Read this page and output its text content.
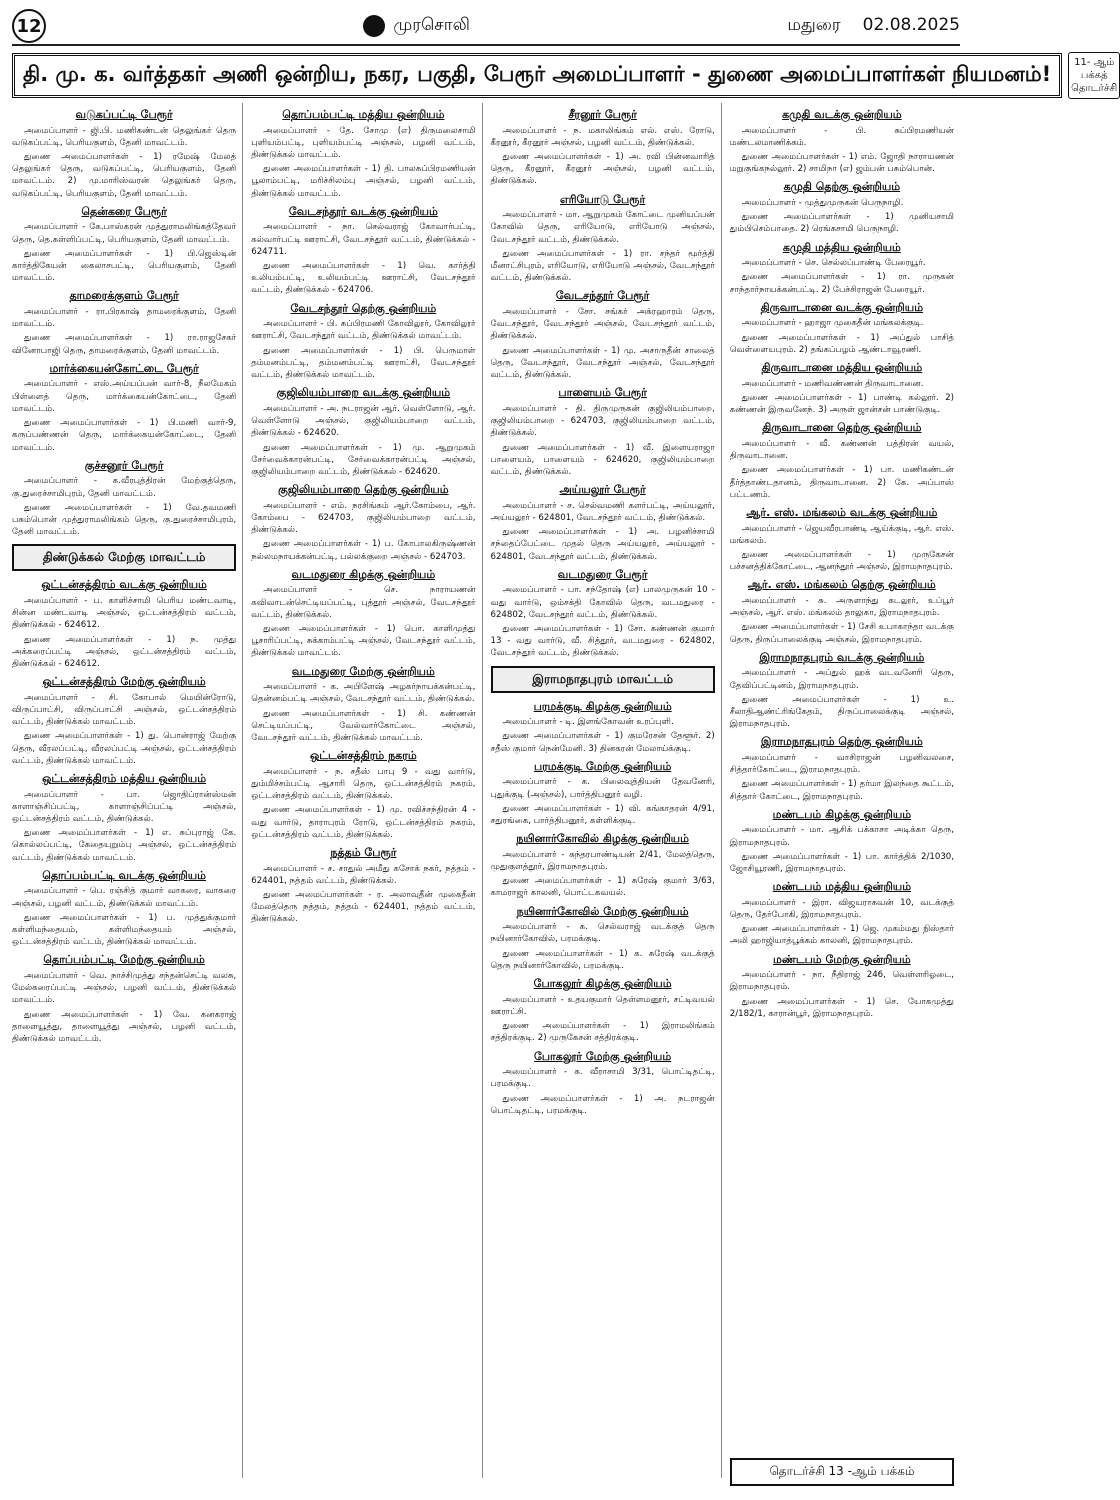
12	முரசொலி	மதுரை 02.08.2025
தி. மு. க. வர்த்தகர் அணி ஒன்றிய, நகர, பகுதி, பேரூர் அமைப்பாளர் - துணை அமைப்பாளர்கள் நியமனம்!	11- ஆம் பக்கத் தொடர்ச்சி
வடுகப்பட்டி பேரூர்

அமைப்பாளர் - ஜி.பி. மணிகண்டன் தெலுங்கர் தெரு வடுகப்பட்டி, பெரியகுளம், தேனி மாவட்டம்.

துணை அமைப்பாளர்கள் - 1) ரமேஷ் மேலத் தெலுங்கர் தெரு, வடுகப்பட்டி, பெரியகுளம், தேனி மாவட்டம். 2) மு.மாரிஸ்வரன் தெலுங்கர் தெரு, வடுகப்பட்டி, பெரியகுளம், தேனி மாவட்டம்.

தென்கரை பேரூர்

அமைப்பாளர் - கே.பாஸ்கரன் முத்துராமலிங்கத்தேவர் தெரு, தெ.கள்ளிப்பட்டி, பெரியகுளம், தேனி மாவட்டம்.

துணை அமைப்பாளர்கள் - 1) பி.ஜெஸ்டின் கார்த்திகேயன் கைலாசபட்டி, பெரியகுளம், தேனி மாவட்டம்.

தாமரைக்குளம் பேரூர்

அமைப்பாளர் - ரா.பிரகாஷ் தாமரைக்குளம், தேனி மாவட்டம்.

துணை அமைப்பாளர்கள் - 1) ரா.ராஜசேகர் வினோபாஜி தெரு, தாமரைக்குளம், தேனி மாவட்டம்.

மார்க்கையன்கோட்டை பேரூர்

அமைப்பாளர் - எஸ்.அய்யப்பன் வார்-8, நீலமேகம் பிள்ளைத் தெரு, மார்க்கையன்கோட்டை, தேனி மாவட்டம்.

துணை அமைப்பாளர்கள் - 1) பி.மணி வார்-9, கருப்பண்ணன் தெரு, மார்க்கையன்கோட்டை, தேனி மாவட்டம்.

குச்சனூர் பேரூர்

அமைப்பாளர் - க.வீரபுத்திரன் மேற்குத்தெரு, கு.துரைச்சாமிபுரம், தேனி மாவட்டம்.

துணை அமைப்பாளர்கள் - 1) வே.தவமணி பசும்பொன் முத்துராமலிங்கம் தெரு, கு.துரைச்சாமிபுரம், தேனி மாவட்டம்.

திண்டுக்கல் மேற்கு மாவட்டம்
ஒட்டன்சத்திரம் வடக்கு ஒன்றியம்

அமைப்பாளர் - ப. காளிச்சாமி பெரிய மண்டவாடி, சின்ன மண்டவாடி அஞ்சல், ஒட்டன்சத்திரம் வட்டம், திண்டுக்கல் - 624612.

துணை அமைப்பாளர்கள் - 1) ந. முத்து அக்கரைப்பட்டி அஞ்சல், ஒட்டன்சத்திரம் வட்டம், திண்டுக்கல் - 624612.

ஒட்டன்சத்திரம் மேற்கு ஒன்றியம்

அமைப்பாளர் - சி. கோபால் மெயின்ரோடு, விருப்பாட்சி, விருப்பாட்சி அஞ்சல், ஒட்டன்சத்திரம் வட்டம், திண்டுக்கல் மாவட்டம்.

துணை அமைப்பாளர்கள் - 1) து. பொன்ராஜ் மேற்கு தெரு, வீரலப்பட்டி, வீரலப்பட்டி அஞ்சல், ஒட்டன்சத்திரம் வட்டம், திண்டுக்கல் மாவட்டம்.

ஒட்டன்சத்திரம் மத்திய ஒன்றியம்

அமைப்பாளர் - பா. ஜொதிப்ரான்ஸ்மன் காளாஞ்சிப்பட்டி, காளாஞ்சிப்பட்டி அஞ்சல், ஒட்டன்சத்திரம் வட்டம், திண்டுக்கல்.

துணை அமைப்பாளர்கள் - 1) எ. சுப்புராஜ் கே. கொல்லப்பட்டி, கேதையுறும்பு அஞ்சல், ஒட்டன்சத்திரம் வட்டம், திண்டுக்கல் மாவட்டம்.

தொப்பம்பட்டி வடக்கு ஒன்றியம்

அமைப்பாளர் - பெ. ரஞ்சித் குமார் வாகரை, வாகரை அஞ்சல், பழனி வட்டம், திண்டுக்கல் மாவட்டம்.

துணை அமைப்பாளர்கள் - 1) ப. முத்துக்குமார் கள்ளிமந்தையம், கள்ளிமந்தையம் அஞ்சல், ஒட்டன்சத்திரம் வட்டம், திண்டுக்கல் மாவட்டம்.

தொப்பம்பட்டி மேற்கு ஒன்றியம்

அமைப்பாளர் - வெ. நாச்சிமுத்து சந்தன்செட்டி வலசு, மேல்கரைப்பட்டி அஞ்சல், பழனி வட்டம், திண்டுக்கல் மாவட்டம்.

துணை அமைப்பாளர்கள் - 1) வே. கனகராஜ் தாளையூத்து, தாளையூத்து அஞ்சல், பழனி வட்டம், திண்டுக்கல் மாவட்டம்.

தொப்பம்பட்டி மத்திய ஒன்றியம்

அமைப்பாளர் - தே. சோமு (எ) திருமலைசாமி புளியம்பட்டி, புளியம்பட்டி அஞ்சல், பழனி வட்டம், திண்டுக்கல் மாவட்டம்.

துணை அமைப்பாளர்கள் - 1) தி. பாலசுப்பிரமணியன் பூலாம்பட்டி, மரிச்சிலம்பு அஞ்சல், பழனி வட்டம், திண்டுக்கல் மாவட்டம்.

வேடசந்தூர் வடக்கு ஒன்றியம்

அமைப்பாளர் - நா. செல்வராஜ் கோவார்பட்டி, கல்வார்பட்டி ஊராட்சி, வேடசந்தூர் வட்டம், திண்டுக்கல் - 624711.

துணை அமைப்பாளர்கள் - 1) வெ. கார்த்தி உலியம்பட்டி, உலியம்பட்டி ஊராட்சி, வேடசந்தூர் வட்டம், திண்டுக்கல் - 624706.

வேடசந்தூர் தெற்கு ஒன்றியம்

அமைப்பாளர் - பி. சுப்பிரமணி கோவிலூர், கோவிலூர் ஊராட்சி, வேடசந்தூர் வட்டம், திண்டுக்கல் மாவட்டம்.

துணை அமைப்பாளர்கள் - 1) பி. பெருமாள் தம்மனம்பட்டி, தம்மனம்பட்டி ஊராட்சி, வேடசந்தூர் வட்டம், திண்டுக்கல் மாவட்டம்.

குஜிலியம்பாறை வடக்கு ஒன்றியம்

அமைப்பாளர் - அ. நடராஜன் ஆர். வெள்ளோடு, ஆர். வெள்ளோடு அஞ்சல், குஜிலியம்பாறை வட்டம், திண்டுக்கல் - 624620.

துணை அமைப்பாளர்கள் - 1) மு. ஆறுமுகம் சேர்வைக்காரன்பட்டி, சேர்வைக்காரன்பட்டி அஞ்சல், குஜிலியம்பாறை வட்டம், திண்டுக்கல் - 624620.

குஜிலியம்பாறை தெற்கு ஒன்றியம்

அமைப்பாளர் - எம். நரசிங்கம் ஆர்.கோம்பை, ஆர். கோம்பை - 624703, குஜிலியம்பாறை வட்டம், திண்டுக்கல்.

துணை அமைப்பாளர்கள் - 1) ப. கோபாலகிருஷ்ணன் நல்லமநாயக்கன்பட்டி, பல்லக்குறை அஞ்சல் - 624703.

வடமதுரை கிழக்கு ஒன்றியம்

அமைப்பாளர் - செ. நாராயணன் கவிவாடன்செட்டியப்பட்டி, புத்தூர் அஞ்சல், வேடசந்தூர் வட்டம், திண்டுக்கல்.

துணை அமைப்பாளர்கள் - 1) பொ. காளிமுத்து பூசாரிப்பட்டி, சுக்காம்பட்டி அஞ்சல், வேடசந்தூர் வட்டம், திண்டுக்கல் மாவட்டம்.

வடமதுரை மேற்கு ஒன்றியம்

அமைப்பாளர் - க. அபிளேஷ் அழகர்நாயக்கன்பட்டி, தென்னம்பட்டி அஞ்சல், வேடசந்தூர் வட்டம், திண்டுக்கல்.

துணை அமைப்பாளர்கள் - 1) சி. கண்ணன் செட்டியப்பட்டி, வேல்வார்கோட்டை அஞ்சல், வேடசந்தூர் வட்டம், திண்டுக்கல் மாவட்டம்.

ஒட்டன்சத்திரம் நகரம்

அமைப்பாளர் - ந. சதீஸ் பாபு 9 - வது வார்டு, தும்மிச்சம்பட்டி ஆசாரி தெரு, ஒட்டன்சத்திரம் நகரம், ஒட்டன்சத்திரம் வட்டம், திண்டுக்கல்.

துணை அமைப்பாளர்கள் - 1) மு. ரவிச்சந்திரன் 4 - வது வார்டு, தாராபுரம் ரோடு, ஒட்டன்சத்திரம் நகரம், ஒட்டன்சத்திரம் வட்டம், திண்டுக்கல்.

நத்தம் பேரூர்

அமைப்பாளர் - ச. சாதுல் அமீது கசோக் நகர், நத்தம் - 624401, நத்தம் வட்டம், திண்டுக்கல்.

துணை அமைப்பாளர்கள் - ர. அலாவுதீன் முகைதீன் மேலத்தெரு நத்தம், நத்தம் - 624401, நத்தம் வட்டம், திண்டுக்கல்.

சீரனூர் பேரூர்

அமைப்பாளர் - ந. மகாலிங்கம் எல். எஸ். ரோடு, கீரனூர், கீரனூர் அஞ்சல், பழனி வட்டம், திண்டுக்கல்.

துணை அமைப்பாளர்கள் - 1) அ. ரவி பின்னவாரித் தெரு, கீரனூர், கீரனூர் அஞ்சல், பழனி வட்டம், திண்டுக்கல்.

எரியோடு பேரூர்

அமைப்பாளர் - மா. ஆறுமுகம் கோட்டை முனியப்பன் கோவில் தெரு, எரியோடு, எரியோடு அஞ்சல், வேடசந்தூர் வட்டம், திண்டுக்கல்.

துணை அமைப்பாளர்கள் - 1) ரா. சந்தர் மூர்த்தி மீனாட்சிபுரம், எரியோடு, எரியோடு அஞ்சல், வேடசந்தூர் வட்டம், திண்டுக்கல்.

வேடசந்தூர் பேரூர்

அமைப்பாளர் - சோ. சங்கர் அக்ரஹாரம் தெரு, வேடசந்தூர், வேடசந்தூர் அஞ்சல், வேடசந்தூர் வட்டம், திண்டுக்கல்.

துணை அமைப்பாளர்கள் - 1) மு. அசாருதீன் சாலைத் தெரு, வேடசந்தூர், வேடசந்தூர் அஞ்சல், வேடசந்தூர் வட்டம், திண்டுக்கல்.

பாளையம் பேரூர்

அமைப்பாளர் - தி. திருமுருகன் குஜிலியம்பாறை, குஜிலியம்பாறை - 624703, குஜிலியம்பாறை வட்டம், திண்டுக்கல்.

துணை அமைப்பாளர்கள் - 1) வீ. இளையராஜா பாளையம், பாளையம் - 624620, குஜிலியம்பாறை வட்டம், திண்டுக்கல்.

அய்யலூர் பேரூர்

அமைப்பாளர் - ச. செல்வமணி களர்பட்டி, அய்யலூர், அய்யலூர் - 624801, வேடசந்தூர் வட்டம், திண்டுக்கல்.

துணை அமைப்பாளர்கள் - 1) அ. பழனிச்சாமி சந்தைப்பேட்டை முதல் தெரு அய்யலூர், அய்யலூர் - 624801, வேடசந்தூர் வட்டம், திண்டுக்கல்.

வடமதுரை பேரூர்

அமைப்பாளர் - பா. சந்தோஷ் (எ) பாலமுருகன் 10 - வது வார்டு, ஒம்சக்தி கோவில் தெரு, வடமதுரை - 624802, வேடசந்தூர் வட்டம், திண்டுக்கல்.

துணை அமைப்பாளர்கள் - 1) சோ. கண்ணன் குமார் 13 - வது வார்டு, வீ. சித்தூர், வடமதுரை - 624802, வேடசந்தூர் வட்டம், திண்டுக்கல்.

இராமநாதபுரம் மாவட்டம்
பரமக்குடி கிழக்கு ஒன்றியம்

அமைப்பாளர் - டி. இளங்கோவன் உரப்புளி.

துணை அமைப்பாளர்கள் - 1) குமரேசன் தேளூர். 2) சதீஸ் குமார் நென்மேனி. 3) தினகரன் மேலாய்க்குடி.

பரமக்குடி மேற்கு ஒன்றியம்

அமைப்பாளர் - க. பிலைவுத்தியன் தேவனேரி, புதுக்குடி (அஞ்சல்), பார்த்திபனூர் வழி.

துணை அமைப்பாளர்கள் - 1) வி. கங்காதரன் 4/91, சதுரங்கை, பார்த்திபனூர், கள்ளிக்குடி.

நயினார்கோவில் கிழக்கு ஒன்றியம்

அமைப்பாளர் - சுந்தரபாண்டியன் 2/41, மேலத்தெரு, முதுகுளத்தூர், இராமநாதபுரம்.

துணை அமைப்பாளர்கள் - 1) சுரேஷ் குமார் 3/63, காமராஜர் காலனி, பொட்டகவயல்.

நயினார்கோவில் மேற்கு ஒன்றியம்

அமைப்பாளர் - க. செல்வராஜ் வடக்குத் தெரு நயினார்கோவில், பரமக்குடி.

துணை அமைப்பாளர்கள் - 1) க. சுரேஷ் வடக்குத் தெரு நயினார்கோவில், பரமக்குடி.

போகலூர் கிழக்கு ஒன்றியம்

அமைப்பாளர் - உதயகுமார் தெள்ளமனூர், சட்டிவயல் ஊராட்சி.

துணை அமைப்பாளர்கள் - 1) இராமலிங்கம் சத்திரக்குடி. 2) முருகேசன் சத்திரக்குடி.

போகலூர் மேற்கு ஒன்றியம்

அமைப்பாளர் - க. வீராசாமி 3/31, பொட்டிதட்டி, பரமக்குடி.

துணை அமைப்பாளர்கள் - 1) அ. நடராஜன் பொட்டிதட்டி, பரமக்குடி.

கமுதி வடக்கு ஒன்றியம்

அமைப்பாளர் - பி. சுப்பிரமணியன் மண்டலமாணிக்கம்.

துணை அமைப்பாளர்கள் - 1) எம். ஜோதி நாராயணன் மறுகுங்கநல்லூர். 2) சாமிநா (எ) ஜம்பன் பசும்பொன்.

கமுதி தெற்கு ஒன்றியம்

அமைப்பாளர் - முத்துமுருகன் பெருநாழி.

துணை அமைப்பாளர்கள் - 1) முனியசாமி தும்பிசெம்பாதை. 2) ரெங்கசாமி பெருநாழி.

கமுதி மத்திய ஒன்றியம்

அமைப்பாளர் - செ. செல்லப்பாண்டி பேரையூர்.

துணை அமைப்பாளர்கள் - 1) ரா. முருகன் சாந்தார்நாயக்கன்பட்டி. 2) பேச்சிராஜன் பேரையூர்.

திருவாடானை வடக்கு ஒன்றியம்

அமைப்பாளர் - ஹாஜா முகைதீன் மங்கலக்குடி.

துணை அமைப்பாளர்கள் - 1) அப்துல் பாசித் வெள்ளையபுரம். 2) தங்கப்பழம் ஆண்டாவூரணி.

திருவாடானை மத்திய ஒன்றியம்

அமைப்பாளர் - மணிவண்ணன் திருவாடானை.

துணை அமைப்பாளர்கள் - 1) பாண்டி கல்லூர். 2) கண்ணன் இருவனேந். 3) அருள் ஜான்சன் பாண்டுகுடி.

திருவாடானை தெற்கு ஒன்றியம்

அமைப்பாளர் - வீ. கண்ணன் பத்திரன் வயல், திருவாடானை.

துணை அமைப்பாளர்கள் - 1) பா. மணிகண்டன் தீர்த்தாண்டதானம், திருவாடானை. 2) கே. அப்பாஸ் பட்டணம்.

ஆர். எஸ். மங்கலம் வடக்கு ஒன்றியம்

அமைப்பாளர் - ஜெயவீரபாண்டி ஆய்க்குடி, ஆர். எஸ். மங்கலம்.

துணை அமைப்பாளர்கள் - 1) முருகேசன் பச்சனத்திக்கோட்டை, ஆனந்தூர் அஞ்சல், இராமநாதபுரம்.

ஆர். எஸ். மங்கலம் தெற்கு ஒன்றியம்

அமைப்பாளர் - சு. அருளாந்து கடலூர், உப்பூர் அஞ்சல், ஆர். எஸ். மங்கலம் தாலுகா, இராமநாதபுரம்.

துணை அமைப்பாளர்கள் - 1) சேசி உபாகாந்தா வடக்கு தெரு, திருப்பாலைக்குடி அஞ்சல், இராமநாதபுரம்.

இராமநாதபுரம் வடக்கு ஒன்றியம்

அமைப்பாளர் - அப்துல் ஹக் வடவனேரி தெரு, தேவிப்பட்டினம், இராமநாதபுரம்.

துணை அமைப்பாளர்கள் - 1) உ. சீலாதிஆண்ட்ரிங்கேதம், திருப்பாலைக்குடி அஞ்சல், இராமநாதபுரம்.

இராமநாதபுரம் தெற்கு ஒன்றியம்

அமைப்பாளர் - வாசிராஜன் பழனிவலசை, சித்தார்கோட்டை, இராமநாதபுரம்.

துணை அமைப்பாளர்கள் - 1) தர்மா இலந்தை கூட்டம், சித்தார் கோட்டை, இராமநாதபுரம்.

மண்டபம் கிழக்கு ஒன்றியம்

அமைப்பாளர் - மா. ஆசிக் பக்காசா அடிக்கா தெரு, இராமநாதபுரம்.

துணை அமைப்பாளர்கள் - 1) பா. கார்த்திக் 2/1030, ஜோசியூரணி, இராமநாதபுரம்.

மண்டபம் மத்திய ஒன்றியம்

அமைப்பாளர் - இரா. விஜயராகவன் 10, வடக்குத் தெரு, தேர்போகி, இராமநாதபுரம்.

துணை அமைப்பாளர்கள் - 1) ஜெ. முகம்மது நிஸ்தார் அலி ஹாஜியாத்பூக்கம் காலனி, இராமநாதபுரம்.

மண்டபம் மேற்கு ஒன்றியம்

அமைப்பாளர் - நா. நீதிராஜ் 246, வெள்ளரிஓடை, இராமநாதபுரம்.

துணை அமைப்பாளர்கள் - 1) செ. யோகமுத்து 2/182/1, காரான்பூர், இராமநாதபுரம்.

தொடர்ச்சி 13 -ஆம் பக்கம்
